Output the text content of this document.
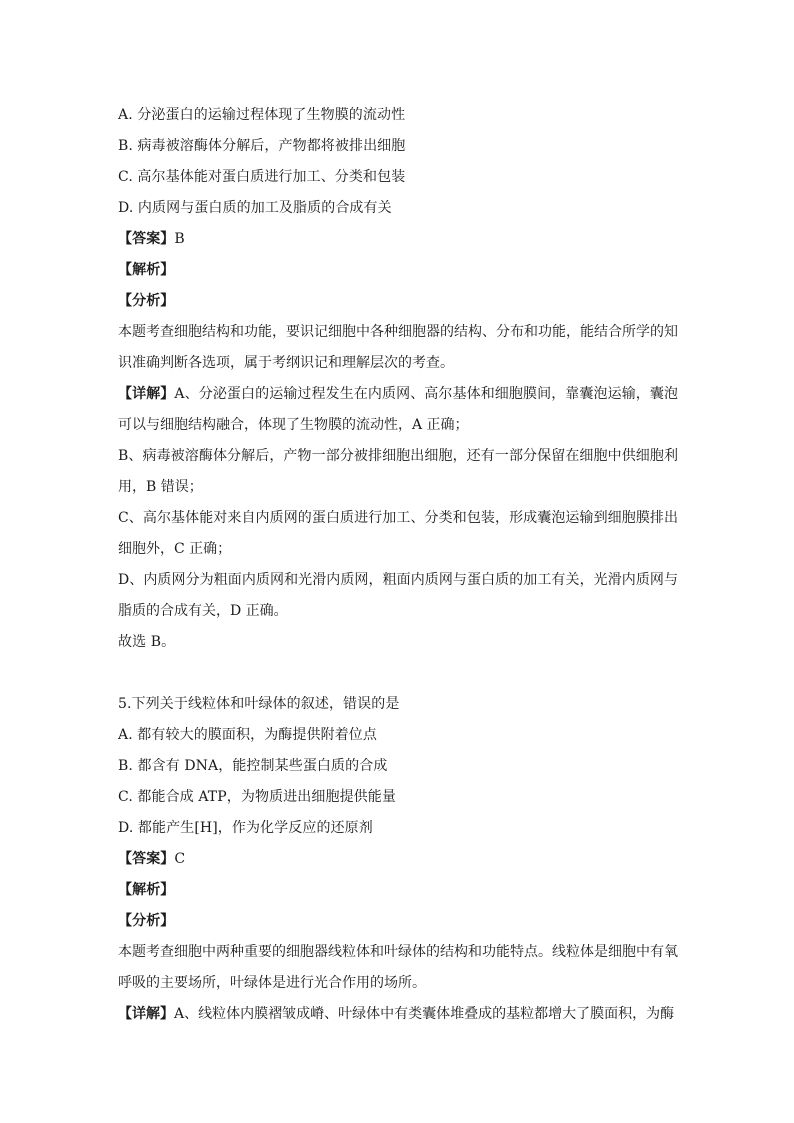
A. 分泌蛋白的运输过程体现了生物膜的流动性
B. 病毒被溶酶体分解后，产物都将被排出细胞
C. 高尔基体能对蛋白质进行加工、分类和包装
D. 内质网与蛋白质的加工及脂质的合成有关
【答案】B
【解析】
【分析】
本题考查细胞结构和功能，要识记细胞中各种细胞器的结构、分布和功能，能结合所学的知识准确判断各选项，属于考纲识记和理解层次的考查。
【详解】A、分泌蛋白的运输过程发生在内质网、高尔基体和细胞膜间，靠囊泡运输，囊泡可以与细胞结构融合，体现了生物膜的流动性，A 正确；
B、病毒被溶酶体分解后，产物一部分被排细胞出细胞，还有一部分保留在细胞中供细胞利用，B 错误；
C、高尔基体能对来自内质网的蛋白质进行加工、分类和包装，形成囊泡运输到细胞膜排出细胞外，C 正确；
D、内质网分为粗面内质网和光滑内质网，粗面内质网与蛋白质的加工有关，光滑内质网与脂质的合成有关，D 正确。
故选 B。
5.下列关于线粒体和叶绿体的叙述，错误的是
A. 都有较大的膜面积，为酶提供附着位点
B. 都含有 DNA，能控制某些蛋白质的合成
C. 都能合成 ATP，为物质进出细胞提供能量
D. 都能产生[H]，作为化学反应的还原剂
【答案】C
【解析】
【分析】
本题考查细胞中两种重要的细胞器线粒体和叶绿体的结构和功能特点。线粒体是细胞中有氧呼吸的主要场所，叶绿体是进行光合作用的场所。
【详解】A、线粒体内膜褶皱成嵴、叶绿体中有类囊体堆叠成的基粒都增大了膜面积，为酶
